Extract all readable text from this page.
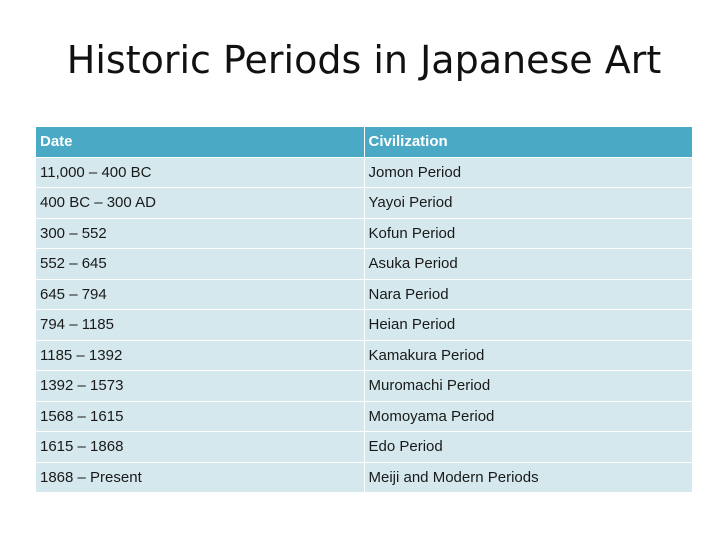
Historic Periods in Japanese Art
Date	Civilization
11,000 – 400 BC	Jomon Period
400 BC – 300 AD	Yayoi Period
300 – 552	Kofun Period
552 – 645	Asuka Period
645 – 794	Nara Period
794 – 1185	Heian Period
1185 – 1392	Kamakura Period
1392 – 1573	Muromachi Period
1568 – 1615	Momoyama Period
1615 – 1868	Edo Period
1868 – Present	Meiji and Modern Periods
